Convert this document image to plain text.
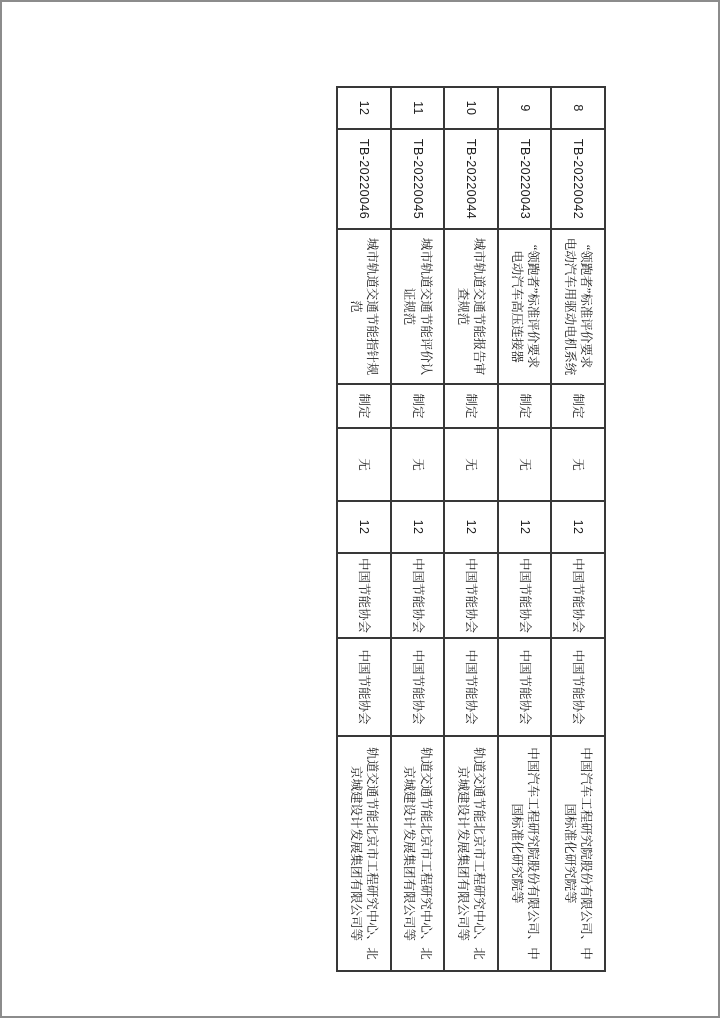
8	TB-20220042	“领跑者”标准评价要求
电动汽车用驱动电机系统	制定	无	12	中国节能协会	中国节能协会	中国汽车工程研究院股份有限公司、中
国标准化研究院等
9	TB-20220043	“领跑者”标准评价要求
电动汽车高压连接器	制定	无	12	中国节能协会	中国节能协会	中国汽车工程研究院股份有限公司、中
国标准化研究院等
10	TB-20220044	城市轨道交通节能报告审
查规范	制定	无	12	中国节能协会	中国节能协会	轨道交通节能北京市工程研究中心、北
京城建设计发展集团有限公司等
11	TB-20220045	城市轨道交通节能评价认
证规范	制定	无	12	中国节能协会	中国节能协会	轨道交通节能北京市工程研究中心、北
京城建设计发展集团有限公司等
12	TB-20220046	城市轨道交通节能指针规
范	制定	无	12	中国节能协会	中国节能协会	轨道交通节能北京市工程研究中心、北
京城建设计发展集团有限公司等
